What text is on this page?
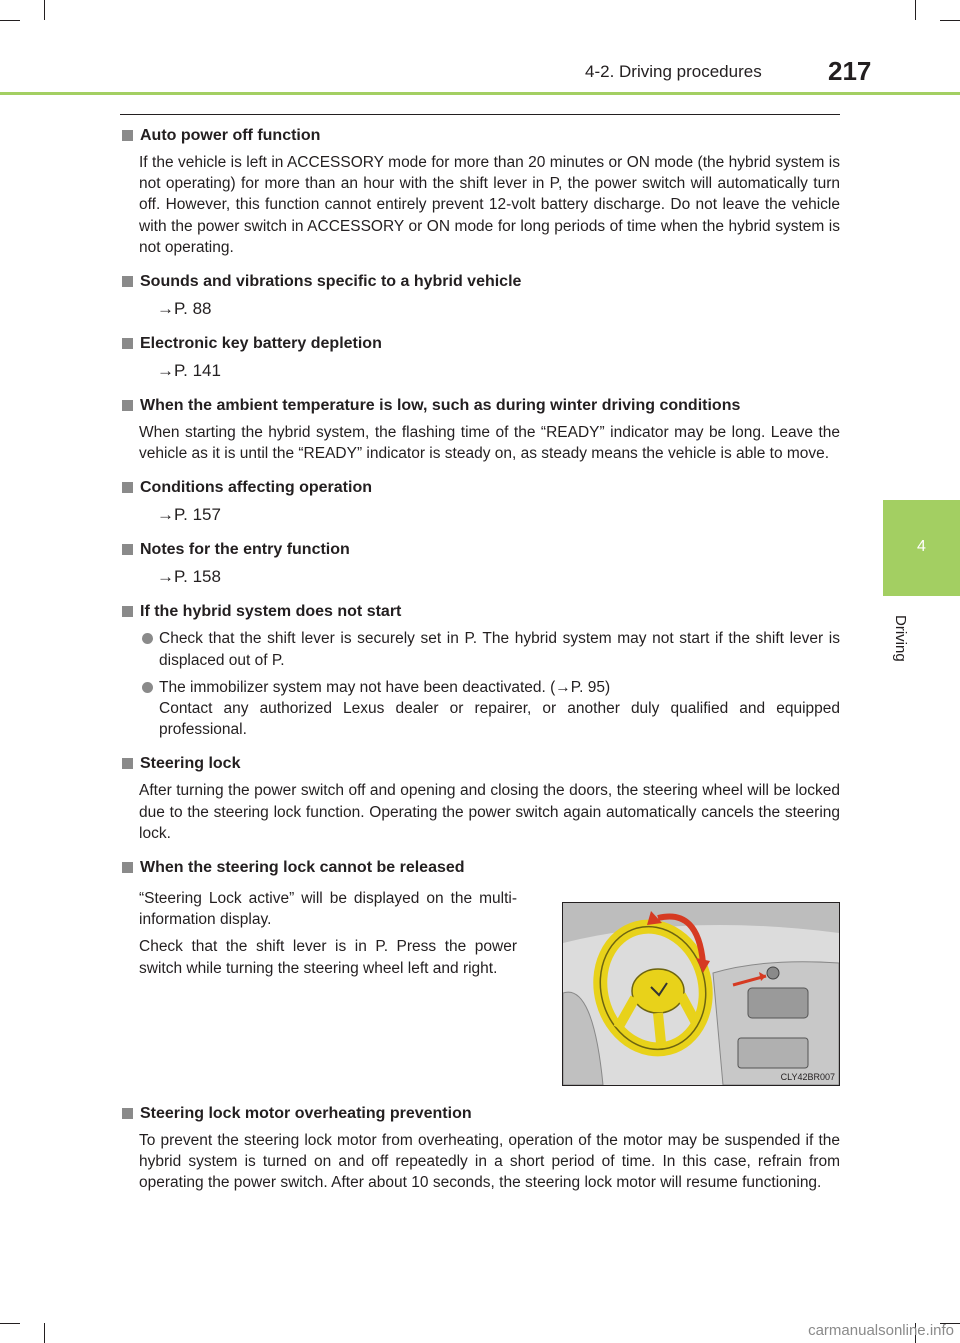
4-2. Driving procedures	217
4
Driving
Auto power off function
If the vehicle is left in ACCESSORY mode for more than 20 minutes or ON mode (the hybrid system is not operating) for more than an hour with the shift lever in P, the power switch will automatically turn off. However, this function cannot entirely prevent 12-volt battery discharge. Do not leave the vehicle with the power switch in ACCESSORY or ON mode for long periods of time when the hybrid system is not operating.
Sounds and vibrations specific to a hybrid vehicle
→P. 88
Electronic key battery depletion
→P. 141
When the ambient temperature is low, such as during winter driving conditions
When starting the hybrid system, the flashing time of the “READY” indicator may be long. Leave the vehicle as it is until the “READY” indicator is steady on, as steady means the vehicle is able to move.
Conditions affecting operation
→P. 157
Notes for the entry function
→P. 158
If the hybrid system does not start
Check that the shift lever is securely set in P. The hybrid system may not start if the shift lever is displaced out of P.
The immobilizer system may not have been deactivated. (→P. 95)
Contact any authorized Lexus dealer or repairer, or another duly qualified and equipped professional.
Steering lock
After turning the power switch off and opening and closing the doors, the steering wheel will be locked due to the steering lock function. Operating the power switch again automatically cancels the steering lock.
When the steering lock cannot be released

“Steering Lock active” will be displayed on the multi-information display.

Check that the shift lever is in P. Press the power switch while turning the steering wheel left and right.

CLY42BR007
Steering lock motor overheating prevention
To prevent the steering lock motor from overheating, operation of the motor may be suspended if the hybrid system is turned on and off repeatedly in a short period of time. In this case, refrain from operating the power switch. After about 10 seconds, the steering lock motor will resume functioning.
carmanualsonline.info
